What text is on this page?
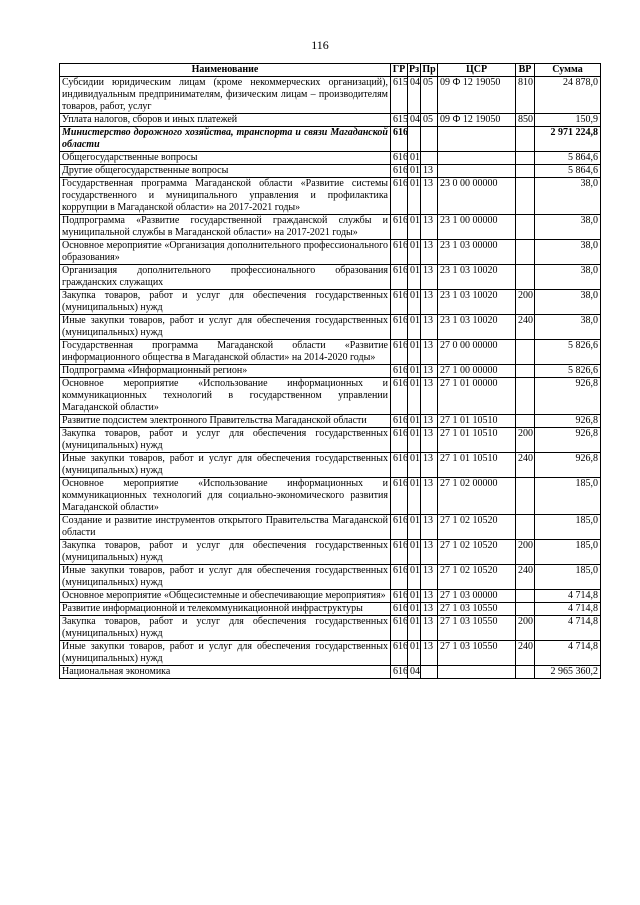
116
Наименование	ГР	Рз	Пр	ЦСР	ВР	Сумма
Субсидии юридическим лицам (кроме некоммерческих организаций), индивидуальным предпринимателям, физическим лицам – производителям товаров, работ, услуг	615	04	05	09 Ф 12 19050	810	24 878,0
Уплата налогов, сборов и иных платежей	615	04	05	09 Ф 12 19050	850	150,9
Министерство дорожного хозяйства, транспорта и связи Магаданской области	616					2 971 224,8
Общегосударственные вопросы	616	01				5 864,6
Другие общегосударственные вопросы	616	01	13			5 864,6
Государственная программа Магаданской области «Развитие системы государственного и муниципального управления и профилактика коррупции в Магаданской области» на 2017-2021 годы»	616	01	13	23 0 00 00000		38,0
Подпрограмма «Развитие государственной гражданской службы и муниципальной службы в Магаданской области» на 2017-2021 годы»	616	01	13	23 1 00 00000		38,0
Основное мероприятие «Организация дополнительного профессионального образования»	616	01	13	23 1 03 00000		38,0
Организация дополнительного профессионального образования гражданских служащих	616	01	13	23 1 03 10020		38,0
Закупка товаров, работ и услуг для обеспечения государственных (муниципальных) нужд	616	01	13	23 1 03 10020	200	38,0
Иные закупки товаров, работ и услуг для обеспечения государственных (муниципальных) нужд	616	01	13	23 1 03 10020	240	38,0
Государственная программа Магаданской области «Развитие информационного общества в Магаданской области» на 2014-2020 годы»	616	01	13	27 0 00 00000		5 826,6
Подпрограмма «Информационный регион»	616	01	13	27 1 00 00000		5 826,6
Основное мероприятие «Использование информационных и коммуникационных технологий в государственном управлении Магаданской области»	616	01	13	27 1 01 00000		926,8
Развитие подсистем электронного Правительства Магаданской области	616	01	13	27 1 01 10510		926,8
Закупка товаров, работ и услуг для обеспечения государственных (муниципальных) нужд	616	01	13	27 1 01 10510	200	926,8
Иные закупки товаров, работ и услуг для обеспечения государственных (муниципальных) нужд	616	01	13	27 1 01 10510	240	926,8
Основное мероприятие «Использование информационных и коммуникационных технологий для социально-экономического развития Магаданской области»	616	01	13	27 1 02 00000		185,0
Создание и развитие инструментов открытого Правительства Магаданской области	616	01	13	27 1 02 10520		185,0
Закупка товаров, работ и услуг для обеспечения государственных (муниципальных) нужд	616	01	13	27 1 02 10520	200	185,0
Иные закупки товаров, работ и услуг для обеспечения государственных (муниципальных) нужд	616	01	13	27 1 02 10520	240	185,0
Основное мероприятие «Общесистемные и обеспечивающие мероприятия»	616	01	13	27 1 03 00000		4 714,8
Развитие информационной и телекоммуникационной инфраструктуры	616	01	13	27 1 03 10550		4 714,8
Закупка товаров, работ и услуг для обеспечения государственных (муниципальных) нужд	616	01	13	27 1 03 10550	200	4 714,8
Иные закупки товаров, работ и услуг для обеспечения государственных (муниципальных) нужд	616	01	13	27 1 03 10550	240	4 714,8
Национальная экономика	616	04				2 965 360,2
